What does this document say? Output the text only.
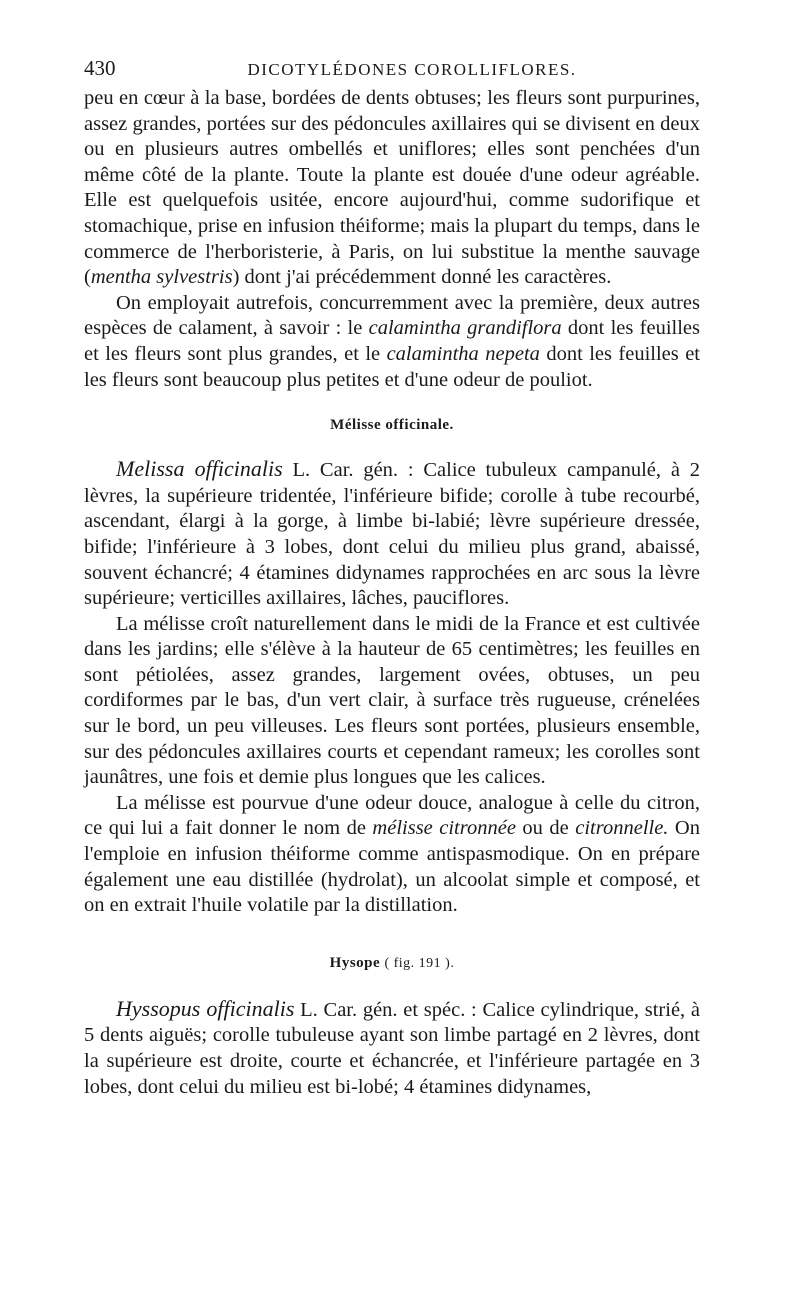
430	DICOTYLÉDONES COROLLIFLORES.

peu en cœur à la base, bordées de dents obtuses; les fleurs sont purpurines, assez grandes, portées sur des pédoncules axillaires qui se divisent en deux ou en plusieurs autres ombellés et uniflores; elles sont penchées d'un même côté de la plante. Toute la plante est douée d'une odeur agréable. Elle est quelquefois usitée, encore aujourd'hui, comme sudorifique et stomachique, prise en infusion théiforme; mais la plupart du temps, dans le commerce de l'herboristerie, à Paris, on lui substitue la menthe sauvage (mentha sylvestris) dont j'ai précédemment donné les caractères.

On employait autrefois, concurremment avec la première, deux autres espèces de calament, à savoir : le calamintha grandiflora dont les feuilles et les fleurs sont plus grandes, et le calamintha nepeta dont les feuilles et les fleurs sont beaucoup plus petites et d'une odeur de pouliot.

Mélisse officinale.

Melissa officinalis L. Car. gén. : Calice tubuleux campanulé, à 2 lèvres, la supérieure tridentée, l'inférieure bifide; corolle à tube recourbé, ascendant, élargi à la gorge, à limbe bi-labié; lèvre supérieure dressée, bifide; l'inférieure à 3 lobes, dont celui du milieu plus grand, abaissé, souvent échancré; 4 étamines didynames rapprochées en arc sous la lèvre supérieure; verticilles axillaires, lâches, pauciflores.

La mélisse croît naturellement dans le midi de la France et est cultivée dans les jardins; elle s'élève à la hauteur de 65 centimètres; les feuilles en sont pétiolées, assez grandes, largement ovées, obtuses, un peu cordiformes par le bas, d'un vert clair, à surface très rugueuse, crénelées sur le bord, un peu villeuses. Les fleurs sont portées, plusieurs ensemble, sur des pédoncules axillaires courts et cependant rameux; les corolles sont jaunâtres, une fois et demie plus longues que les calices.

La mélisse est pourvue d'une odeur douce, analogue à celle du citron, ce qui lui a fait donner le nom de mélisse citronnée ou de citronnelle. On l'emploie en infusion théiforme comme antispasmodique. On en prépare également une eau distillée (hydrolat), un alcoolat simple et composé, et on en extrait l'huile volatile par la distillation.

Hysope ( fig. 191 ).

Hyssopus officinalis L. Car. gén. et spéc. : Calice cylindrique, strié, à 5 dents aiguës; corolle tubuleuse ayant son limbe partagé en 2 lèvres, dont la supérieure est droite, courte et échancrée, et l'inférieure partagée en 3 lobes, dont celui du milieu est bi-lobé; 4 étamines didynames,
